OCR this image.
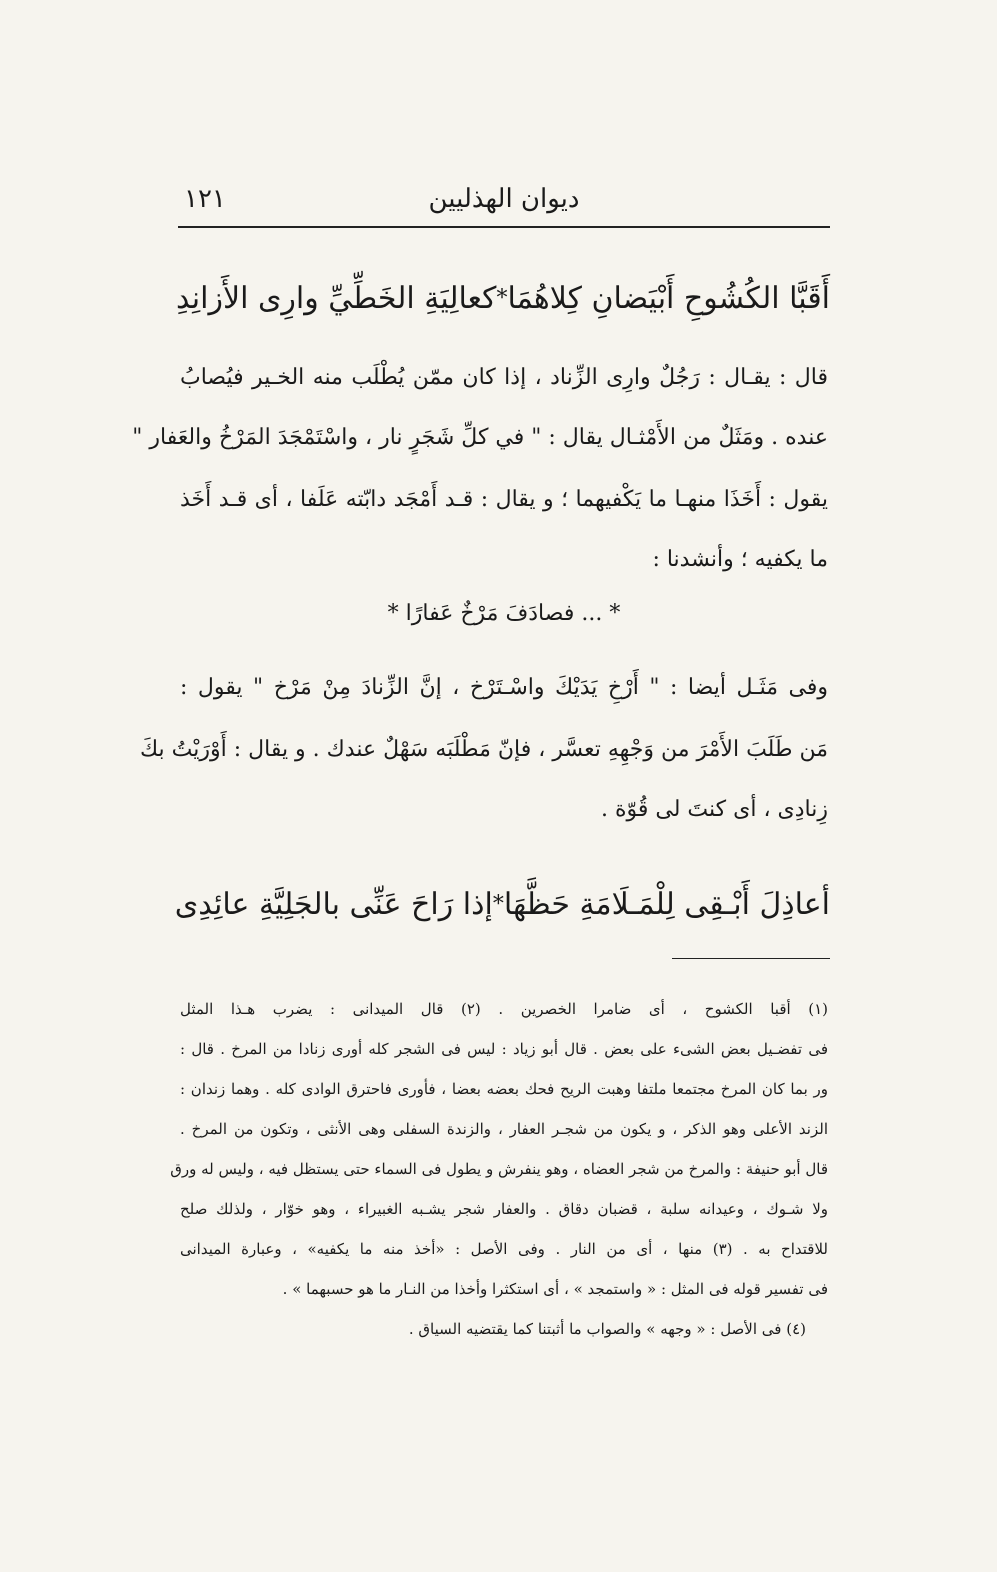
ديوان الهذليين
١٢١
أَقَبَّا الكُشُوحِ أَبْيَضانِ كِلاهُمَا
*
كعالِيَةِ الخَطِّيِّ وارِى الأَزانِدِ
قال : يقـال : رَجُلٌ وارِى الزِّناد ، إذا كان ممّن يُطْلَب منه الخـير فيُصابُ
عنده . ومَثَلٌ من الأَمْثـال يقال : " في كلِّ شَجَرٍ نار ، واسْتَمْجَدَ المَرْخُ والعَفار "
يقول : أَخَذَا منهـا ما يَكْفيهما ؛ و يقال : قـد أَمْجَد دابّته عَلَفا ، أى قـد أَخَذ
ما يكفيه ؛ وأنشدنا :
* ... فصادَفَ مَرْخٌ عَفارًا *
وفى مَثَـل أيضا : " أَرْخِ يَدَيْكَ واسْـتَرْخ ، إنَّ الزِّنادَ مِنْ مَرْخ " يقول :
مَن طَلَبَ الأَمْرَ من وَجْهِهِ تعسَّر ، فإنّ مَطْلَبَه سَهْلٌ عندك . و يقال : أَوْرَيْتُ بكَ
زِنادِى ، أى كنتَ لى قُوّة .
أعاذِلَ أَبْـقِى لِلْمَـلَامَةِ حَظَّهَا
*
إذا رَاحَ عَنِّى بالجَلِيَّةِ عائِدِى
(١) أقبا الكشوح ، أى ضامرا الخصرين . (٢) قال الميدانى : يضرب هـذا المثل
فى تفضـيل بعض الشىء على بعض . قال أبو زياد : ليس فى الشجر كله أورى زنادا من المرخ . قال :
ور بما كان المرخ مجتمعا ملتفا وهبت الريح فحك بعضه بعضا ، فأورى فاحترق الوادى كله . وهما زندان :
الزند الأعلى وهو الذكر ، و يكون من شجـر العفار ، والزندة السفلى وهى الأنثى ، وتكون من المرخ .
قال أبو حنيفة : والمرخ من شجر العضاه ، وهو ينفرش و يطول فى السماء حتى يستظل فيه ، وليس له ورق
ولا شـوك ، وعيدانه سلبة ، قضبان دقاق . والعفار شجر يشـبه الغبيراء ، وهو خوّار ، ولذلك صلح
للاقتداح به . (٣) منها ، أى من النار . وفى الأصل : «أخذ منه ما يكفيه» ، وعبارة الميدانى
فى تفسير قوله فى المثل : « واستمجد » ، أى استكثرا وأخذا من النـار ما هو حسبهما » .
(٤) فى الأصل : « وجهه » والصواب ما أثبتنا كما يقتضيه السياق .
